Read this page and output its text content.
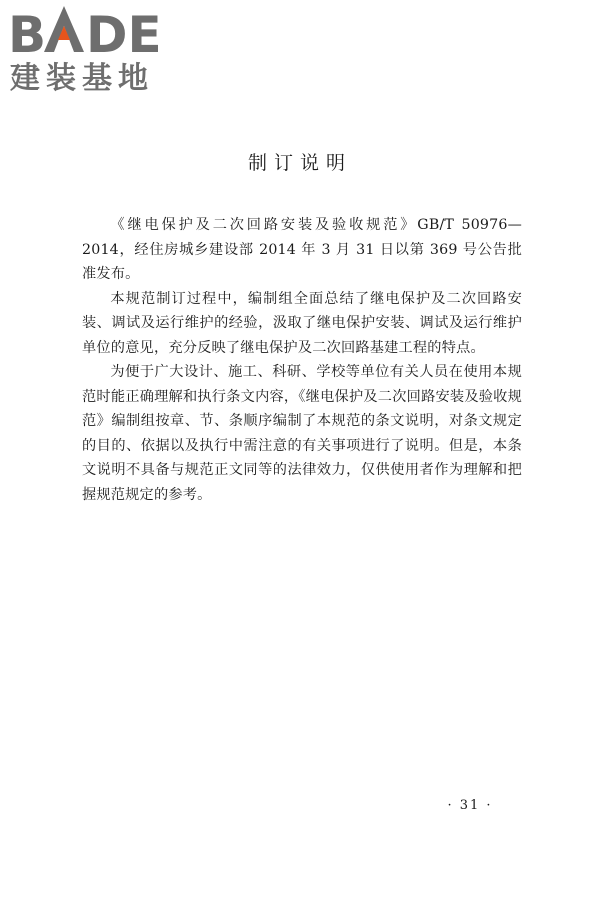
B DE
建装基地
制订说明

《继电保护及二次回路安装及验收规范》GB/T 50976—2014，经住房城乡建设部 2014 年 3 月 31 日以第 369 号公告批准发布。

本规范制订过程中，编制组全面总结了继电保护及二次回路安装、调试及运行维护的经验，汲取了继电保护安装、调试及运行维护单位的意见，充分反映了继电保护及二次回路基建工程的特点。

为便于广大设计、施工、科研、学校等单位有关人员在使用本规范时能正确理解和执行条文内容，《继电保护及二次回路安装及验收规范》编制组按章、节、条顺序编制了本规范的条文说明，对条文规定的目的、依据以及执行中需注意的有关事项进行了说明。但是，本条文说明不具备与规范正文同等的法律效力，仅供使用者作为理解和把握规范规定的参考。

· 31 ·
